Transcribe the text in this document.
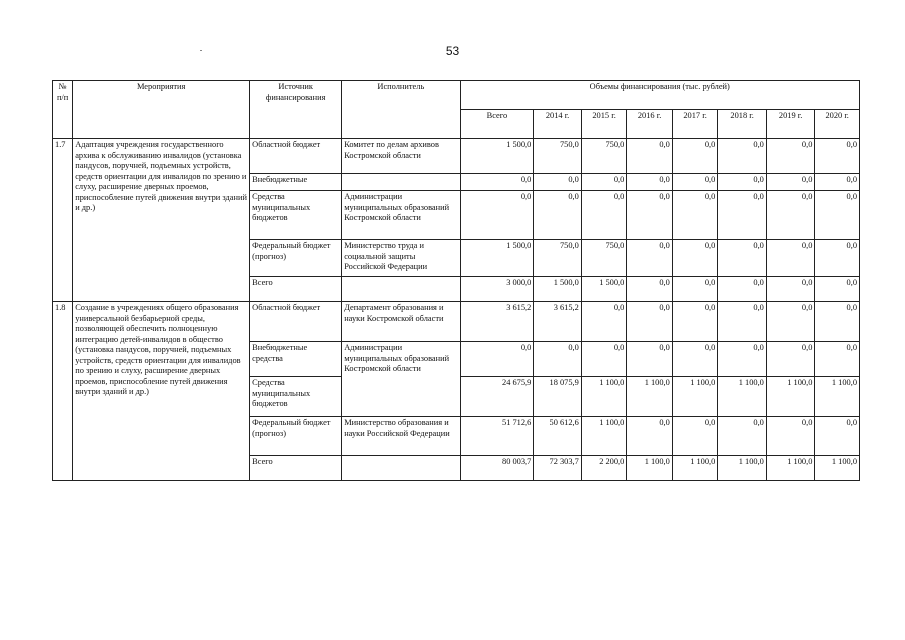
53
№ п/п	Мероприятия	Источник финансирования	Исполнитель	Объемы финансирования (тыс. рублей)							
				Всего	2014 г.	2015 г.	2016 г.	2017 г.	2018 г.	2019 г.	2020 г.
1.7	Адаптация учреждения государственного архива к обслуживанию инвалидов (установка пандусов, поручней, подъемных устройств, средств ориентации для инвалидов по зрению и слуху, расширение дверных проемов, приспособление путей движения внутри зданий и др.)	Областной бюджет	Комитет по делам архивов Костромской области	1 500,0	750,0	750,0	0,0	0,0	0,0	0,0	0,0
		Внебюджетные		0,0	0,0	0,0	0,0	0,0	0,0	0,0	0,0
		Средства муниципальных бюджетов	Администрации муниципальных образований Костромской области	0,0	0,0	0,0	0,0	0,0	0,0	0,0	0,0
		Федеральный бюджет (прогноз)	Министерство труда и социальной защиты Российской Федерации	1 500,0	750,0	750,0	0,0	0,0	0,0	0,0	0,0
		Всего		3 000,0	1 500,0	1 500,0	0,0	0,0	0,0	0,0	0,0
1.8	Создание в учреждениях общего образования универсальной безбарьерной среды, позволяющей обеспечить полноценную интеграцию детей-инвалидов в общество (установка пандусов, поручней, подъемных устройств, средств ориентации для инвалидов по зрению и слуху, расширение дверных проемов, приспособление путей движения внутри зданий и др.)	Областной бюджет	Департамент образования и науки Костромской области	3 615,2	3 615,2	0,0	0,0	0,0	0,0	0,0	0,0
		Внебюджетные средства	Администрации муниципальных образований Костромской области	0,0	0,0	0,0	0,0	0,0	0,0	0,0	0,0
		Средства муниципальных бюджетов		24 675,9	18 075,9	1 100,0	1 100,0	1 100,0	1 100,0	1 100,0	1 100,0
		Федеральный бюджет (прогноз)	Министерство образования и науки Российской Федерации	51 712,6	50 612,6	1 100,0	0,0	0,0	0,0	0,0	0,0
		Всего		80 003,7	72 303,7	2 200,0	1 100,0	1 100,0	1 100,0	1 100,0	1 100,0
